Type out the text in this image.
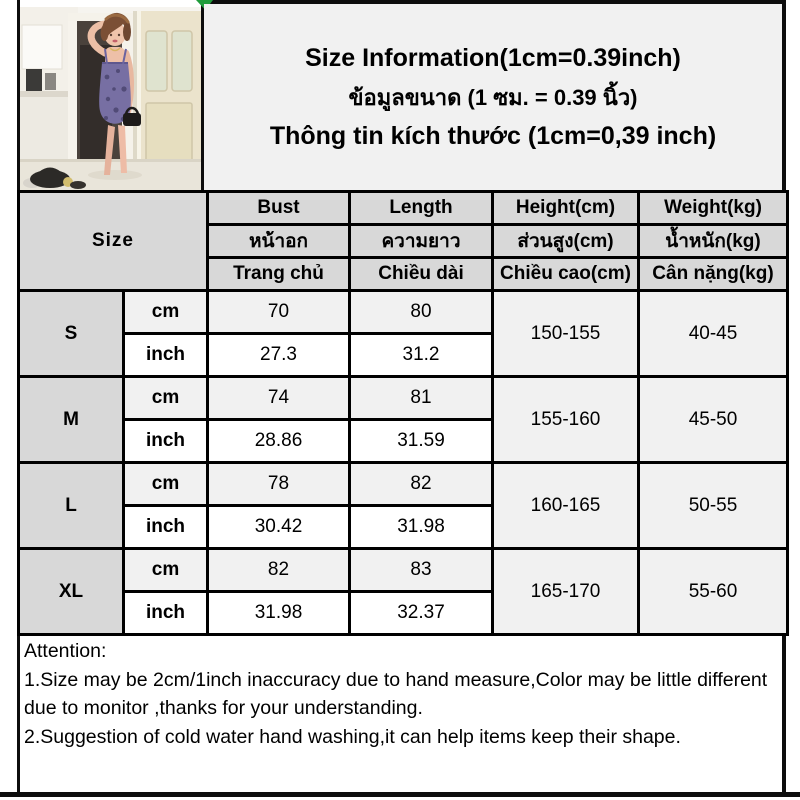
Size Information(1cm=0.39inch)
ข้อมูลขนาด (1 ซม. = 0.39 นิ้ว)
Thông tin kích thước (1cm=0,39 inch)
Size		Bust	Length	Height(cm)	Weight(kg)
		หน้าอก	ความยาว	ส่วนสูง(cm)	น้ำหนัก(kg)
		Trang chủ	Chiều dài	Chiều cao(cm)	Cân nặng(kg)
S	cm	70	80	150-155	40-45
	inch	27.3	31.2		
M	cm	74	81	155-160	45-50
	inch	28.86	31.59		
L	cm	78	82	160-165	50-55
	inch	30.42	31.98		
XL	cm	82	83	165-170	55-60
	inch	31.98	32.37		
Attention:
1.Size may be 2cm/1inch inaccuracy due to hand measure,Color may be little different due to monitor ,thanks for your understanding.
2.Suggestion of cold water hand washing,it can help items keep their shape.
